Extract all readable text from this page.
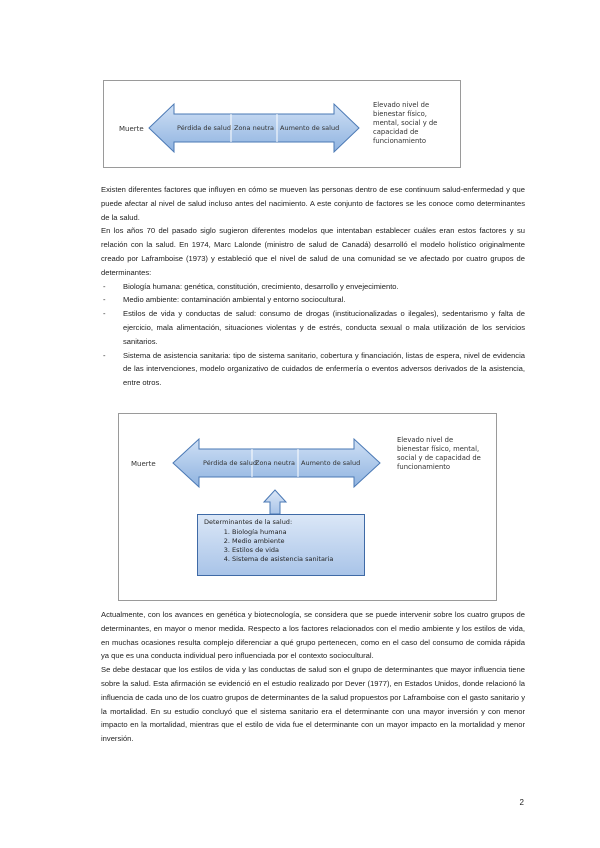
Muerte	Pérdida de salud Zona neutra Aumento de salud
Elevado nivel de bienestar físico, mental, social y de capacidad de funcionamiento

Existen diferentes factores que influyen en cómo se mueven las personas dentro de ese continuum salud-enfermedad y que puede afectar al nivel de salud incluso antes del nacimiento. A este conjunto de factores se les conoce como determinantes de la salud.

En los años 70 del pasado siglo sugieron diferentes modelos que intentaban establecer cuáles eran estos factores y su relación con la salud. En 1974, Marc Lalonde (ministro de salud de Canadá) desarrolló el modelo holístico originalmente creado por Laframboise (1973) y estableció que el nivel de salud de una comunidad se ve afectado por cuatro grupos de determinantes:

- Biología humana: genética, constitución, crecimiento, desarrollo y envejecimiento.
- Medio ambiente: contaminación ambiental y entorno sociocultural.
- Estilos de vida y conductas de salud: consumo de drogas (institucionalizadas o ilegales), sedentarismo y falta de ejercicio, mala alimentación, situaciones violentas y de estrés, conducta sexual o mala utilización de los servicios sanitarios.
- Sistema de asistencia sanitaria: tipo de sistema sanitario, cobertura y financiación, listas de espera, nivel de evidencia de las intervenciones, modelo organizativo de cuidados de enfermería o eventos adversos derivados de la asistencia, entre otros.
Muerte	Pérdida de salud
Zona neutra Aumento de salud
Elevado nivel de bienestar físico, mental, social y de capacidad de funcionamiento
Determinantes de la salud:
1. Biología humana
2. Medio ambiente
3. Estilos de vida
4. Sistema de asistencia sanitaria

Actualmente, con los avances en genética y biotecnología, se considera que se puede intervenir sobre los cuatro grupos de determinantes, en mayor o menor medida. Respecto a los factores relacionados con el medio ambiente y los estilos de vida, en muchas ocasiones resulta complejo diferenciar a qué grupo pertenecen, como en el caso del consumo de comida rápida ya que es una conducta individual pero influenciada por el contexto sociocultural.

Se debe destacar que los estilos de vida y las conductas de salud son el grupo de determinantes que mayor influencia tiene sobre la salud. Esta afirmación se evidenció en el estudio realizado por Dever (1977), en Estados Unidos, donde relacionó la influencia de cada uno de los cuatro grupos de determinantes de la salud propuestos por Laframboise con el gasto sanitario y la mortalidad. En su estudio concluyó que el sistema sanitario era el determinante con una mayor inversión y con menor impacto en la mortalidad, mientras que el estilo de vida fue el determinante con un mayor impacto en la mortalidad y menor inversión.

2
